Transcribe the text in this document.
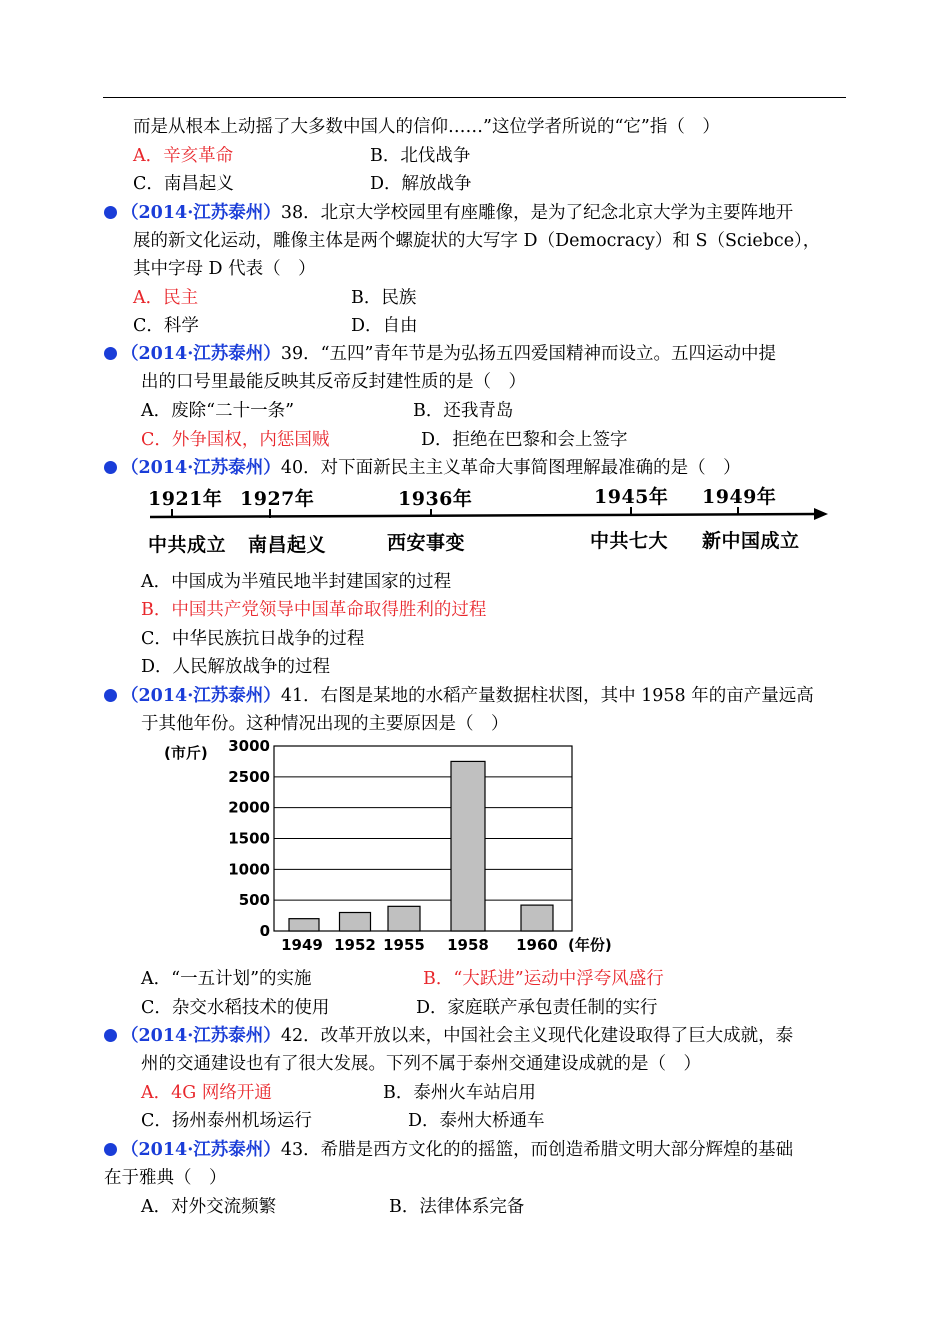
而是从根本上动摇了大多数中国人的信仰……”这位学者所说的“它”指（　）
A．辛亥革命	B．北伐战争
C．南昌起义	D．解放战争
（2014·江苏泰州）38．北京大学校园里有座雕像，是为了纪念北京大学为主要阵地开
展的新文化运动，雕像主体是两个螺旋状的大写字 D（Democracy）和 S（Sciebce），
其中字母 D 代表（　）
A．民主	B．民族
C．科学	D．自由
（2014·江苏泰州）39．“五四”青年节是为弘扬五四爱国精神而设立。五四运动中提
出的口号里最能反映其反帝反封建性质的是（　）
A．废除“二十一条”	B．还我青岛
C．外争国权，内惩国贼	D．拒绝在巴黎和会上签字
（2014·江苏泰州）40．对下面新民主主义革命大事简图理解最准确的是（　）
1921年 1927年	1936年	1945年 1949年
中共成立 南昌起义	西安事变	中共七大 新中国成立
A．中国成为半殖民地半封建国家的过程
B．中国共产党领导中国革命取得胜利的过程
C．中华民族抗日战争的过程
D．人民解放战争的过程
（2014·江苏泰州）41．右图是某地的水稻产量数据柱状图，其中 1958 年的亩产量远高
于其他年份。这种情况出现的主要原因是（　）
0
500
1000
1500
2000
2500
3000
(市斤)
1949 1952 1955 1958 1960 (年份)
A．“一五计划”的实施	B．“大跃进”运动中浮夸风盛行
C．杂交水稻技术的使用	D．家庭联产承包责任制的实行
（2014·江苏泰州）42．改革开放以来，中国社会主义现代化建设取得了巨大成就，泰
州的交通建设也有了很大发展。下列不属于泰州交通建设成就的是（　）
A．4G 网络开通	B．泰州火车站启用
C．扬州泰州机场运行	D．泰州大桥通车
（2014·江苏泰州）43．希腊是西方文化的的摇篮，而创造希腊文明大部分辉煌的基础
在于雅典（　）
A．对外交流频繁	B．法律体系完备
